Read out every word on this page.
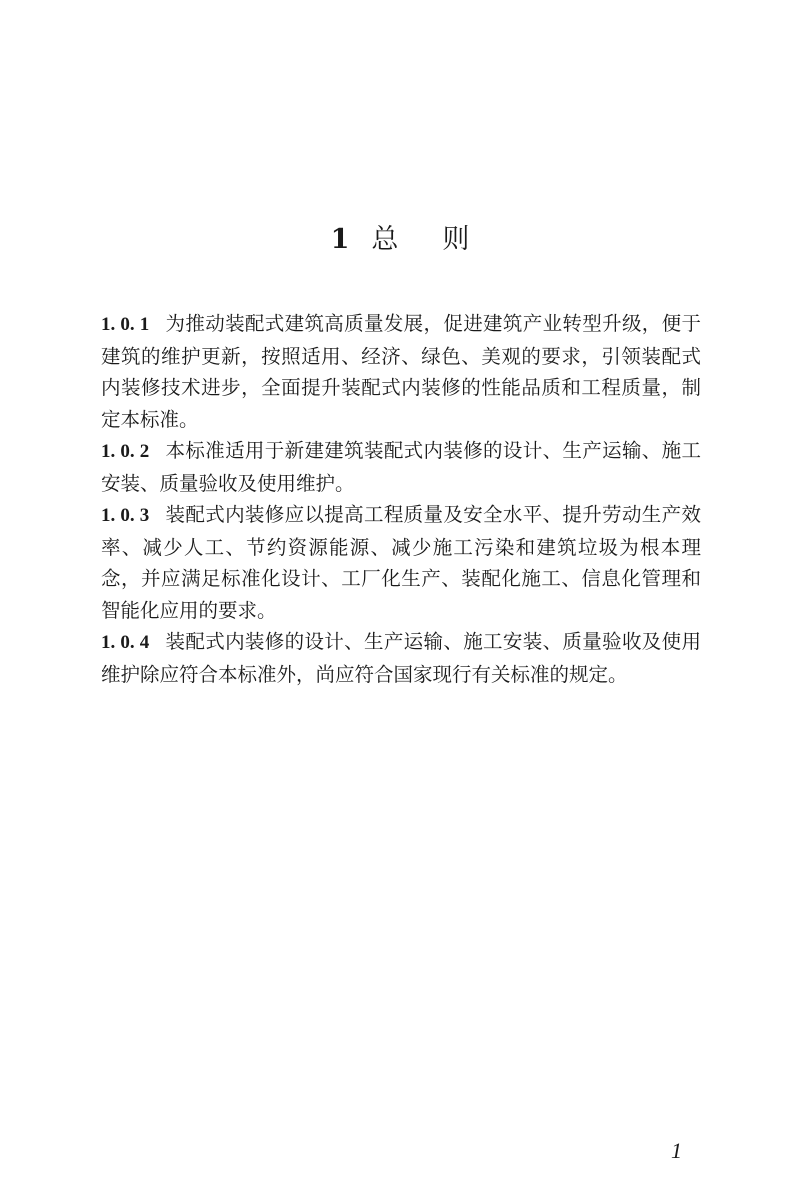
1 总 则

1. 0. 1 为推动装配式建筑高质量发展，促进建筑产业转型升级，便于建筑的维护更新，按照适用、经济、绿色、美观的要求，引领装配式内装修技术进步，全面提升装配式内装修的性能品质和工程质量，制定本标准。

1. 0. 2 本标准适用于新建建筑装配式内装修的设计、生产运输、施工安装、质量验收及使用维护。

1. 0. 3 装配式内装修应以提高工程质量及安全水平、提升劳动生产效率、减少人工、节约资源能源、减少施工污染和建筑垃圾为根本理念，并应满足标准化设计、工厂化生产、装配化施工、信息化管理和智能化应用的要求。

1. 0. 4 装配式内装修的设计、生产运输、施工安装、质量验收及使用维护除应符合本标准外，尚应符合国家现行有关标准的规定。

1
